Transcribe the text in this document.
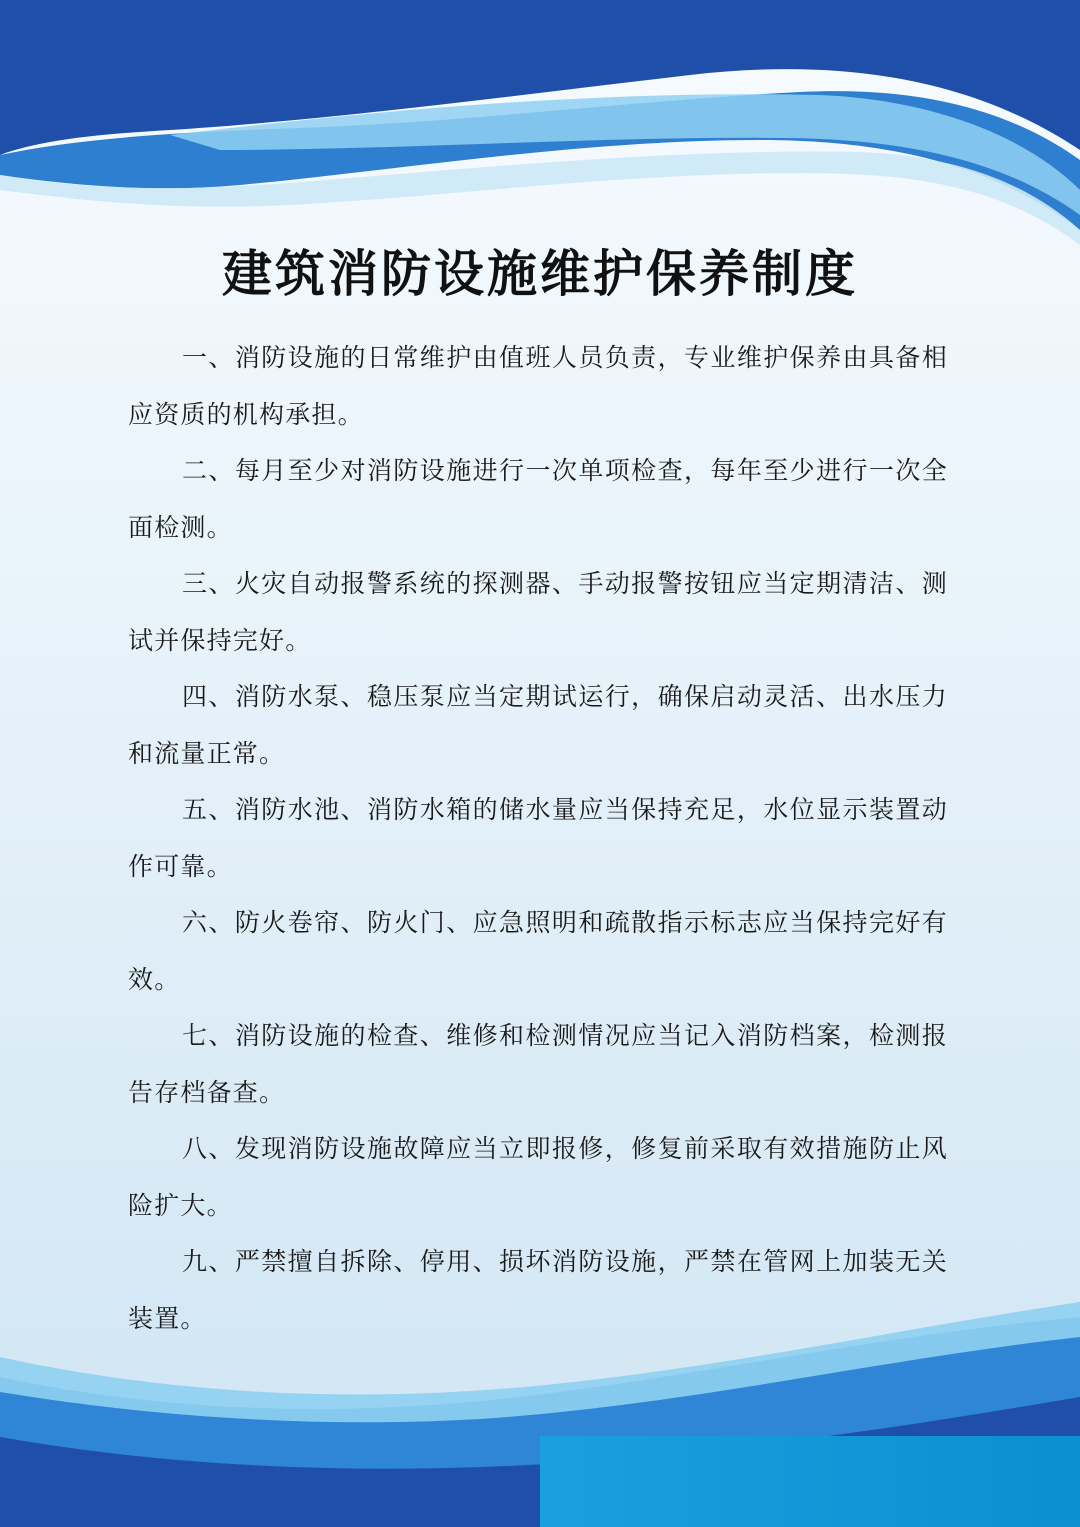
建筑消防设施维护保养制度
一、消防设施的日常维护由值班人员负责，专业维护保养由具备相应资质的机构承担。
二、每月至少对消防设施进行一次单项检查，每年至少进行一次全面检测。
三、火灾自动报警系统的探测器、手动报警按钮应当定期清洁、测试并保持完好。
四、消防水泵、稳压泵应当定期试运行，确保启动灵活、出水压力和流量正常。
五、消防水池、消防水箱的储水量应当保持充足，水位显示装置动作可靠。
六、防火卷帘、防火门、应急照明和疏散指示标志应当保持完好有效。
七、消防设施的检查、维修和检测情况应当记入消防档案，检测报告存档备查。
八、发现消防设施故障应当立即报修，修复前采取有效措施防止风险扩大。
九、严禁擅自拆除、停用、损坏消防设施，严禁在管网上加装无关装置。
